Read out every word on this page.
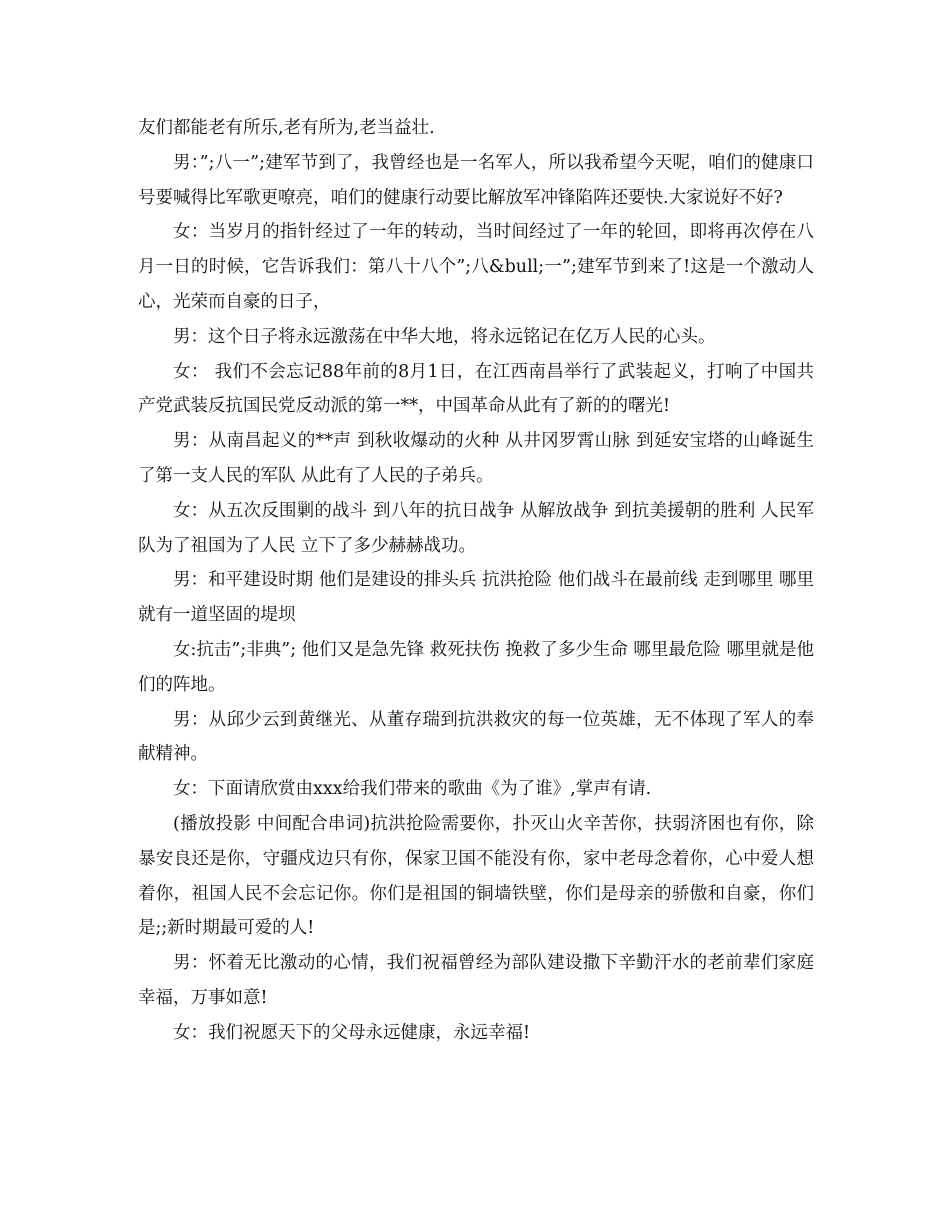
友们都能老有所乐,老有所为,老当益壮.

男：”;八一”;建军节到了，我曾经也是一名军人，所以我希望今天呢，咱们的健康口号要喊得比军歌更嘹亮，咱们的健康行动要比解放军冲锋陷阵还要快.大家说好不好?

女：当岁月的指针经过了一年的转动，当时间经过了一年的轮回，即将再次停在八月一日的时候，它告诉我们：第八十八个”;八&bull;一”;建军节到来了!这是一个激动人心，光荣而自豪的日子，

男：这个日子将永远激荡在中华大地，将永远铭记在亿万人民的心头。

女： 我们不会忘记88年前的8月1日，在江西南昌举行了武装起义，打响了中国共产党武装反抗国民党反动派的第一**，中国革命从此有了新的的曙光!

男：从南昌起义的**声 到秋收爆动的火种 从井冈罗霄山脉 到延安宝塔的山峰诞生了第一支人民的军队 从此有了人民的子弟兵。

女：从五次反围剿的战斗 到八年的抗日战争 从解放战争 到抗美援朝的胜利 人民军队为了祖国为了人民 立下了多少赫赫战功。

男：和平建设时期 他们是建设的排头兵 抗洪抢险 他们战斗在最前线 走到哪里 哪里就有一道坚固的堤坝

女:抗击”;非典”; 他们又是急先锋 救死扶伤 挽救了多少生命 哪里最危险 哪里就是他们的阵地。

男：从邱少云到黄继光、从董存瑞到抗洪救灾的每一位英雄，无不体现了军人的奉献精神。

女：下面请欣赏由xxx给我们带来的歌曲《为了谁》,掌声有请.

(播放投影 中间配合串词)抗洪抢险需要你，扑灭山火辛苦你，扶弱济困也有你，除暴安良还是你，守疆戍边只有你，保家卫国不能没有你，家中老母念着你，心中爱人想着你，祖国人民不会忘记你。你们是祖国的铜墙铁壁，你们是母亲的骄傲和自豪，你们是;;新时期最可爱的人!

男：怀着无比激动的心情，我们祝福曾经为部队建设撒下辛勤汗水的老前辈们家庭幸福，万事如意!

女：我们祝愿天下的父母永远健康，永远幸福!
